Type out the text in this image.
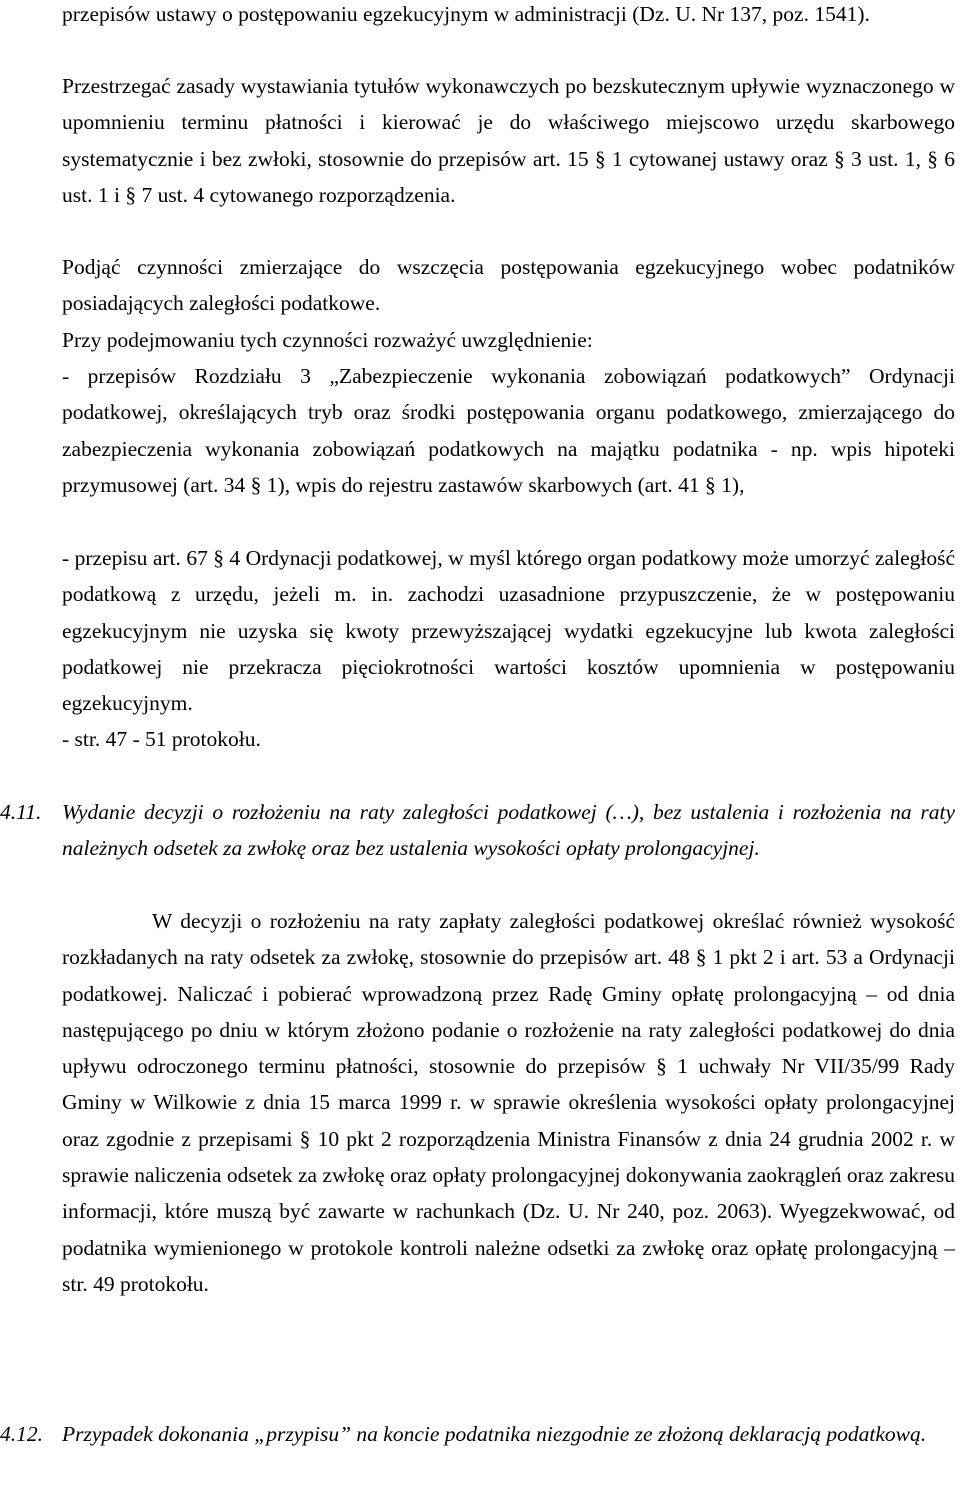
przepisów ustawy o postępowaniu egzekucyjnym w administracji (Dz. U. Nr 137, poz. 1541).

Przestrzegać zasady wystawiania tytułów wykonawczych po bezskutecznym upływie wyznaczonego w upomnieniu terminu płatności i kierować je do właściwego miejscowo urzędu skarbowego systematycznie i bez zwłoki, stosownie do przepisów art. 15 § 1 cytowanej ustawy oraz § 3 ust. 1, § 6 ust. 1 i § 7 ust. 4 cytowanego rozporządzenia.

Podjąć czynności zmierzające do wszczęcia postępowania egzekucyjnego wobec podatników posiadających zaległości podatkowe.

Przy podejmowaniu tych czynności rozważyć uwzględnienie:

- przepisów Rozdziału 3 „Zabezpieczenie wykonania zobowiązań podatkowych” Ordynacji podatkowej, określających tryb oraz środki postępowania organu podatkowego, zmierzającego do zabezpieczenia wykonania zobowiązań podatkowych na majątku podatnika - np. wpis hipoteki przymusowej (art. 34 § 1), wpis do rejestru zastawów skarbowych (art. 41 § 1),

- przepisu art. 67 § 4 Ordynacji podatkowej, w myśl którego organ podatkowy może umorzyć zaległość podatkową z urzędu, jeżeli m. in. zachodzi uzasadnione przypuszczenie, że w postępowaniu egzekucyjnym nie uzyska się kwoty przewyższającej wydatki egzekucyjne lub kwota zaległości podatkowej nie przekracza pięciokrotności wartości kosztów upomnienia w postępowaniu egzekucyjnym.

- str. 47 - 51 protokołu.

4.11. Wydanie decyzji o rozłożeniu na raty zaległości podatkowej (…), bez ustalenia i rozłożenia na raty należnych odsetek za zwłokę oraz bez ustalenia wysokości opłaty prolongacyjnej.

W decyzji o rozłożeniu na raty zapłaty zaległości podatkowej określać również wysokość rozkładanych na raty odsetek za zwłokę, stosownie do przepisów art. 48 § 1 pkt 2 i art. 53 a Ordynacji podatkowej. Naliczać i pobierać wprowadzoną przez Radę Gminy opłatę prolongacyjną – od dnia następującego po dniu w którym złożono podanie o rozłożenie na raty zaległości podatkowej do dnia upływu odroczonego terminu płatności, stosownie do przepisów § 1 uchwały Nr VII/35/99 Rady Gminy w Wilkowie z dnia 15 marca 1999 r. w sprawie określenia wysokości opłaty prolongacyjnej oraz zgodnie z przepisami § 10 pkt 2 rozporządzenia Ministra Finansów z dnia 24 grudnia 2002 r. w sprawie naliczenia odsetek za zwłokę oraz opłaty prolongacyjnej dokonywania zaokrągleń oraz zakresu informacji, które muszą być zawarte w rachunkach (Dz. U. Nr 240, poz. 2063). Wyegzekwować, od podatnika wymienionego w protokole kontroli należne odsetki za zwłokę oraz opłatę prolongacyjną – str. 49 protokołu.

4.12. Przypadek dokonania „przypisu” na koncie podatnika niezgodnie ze złożoną deklaracją podatkową.
